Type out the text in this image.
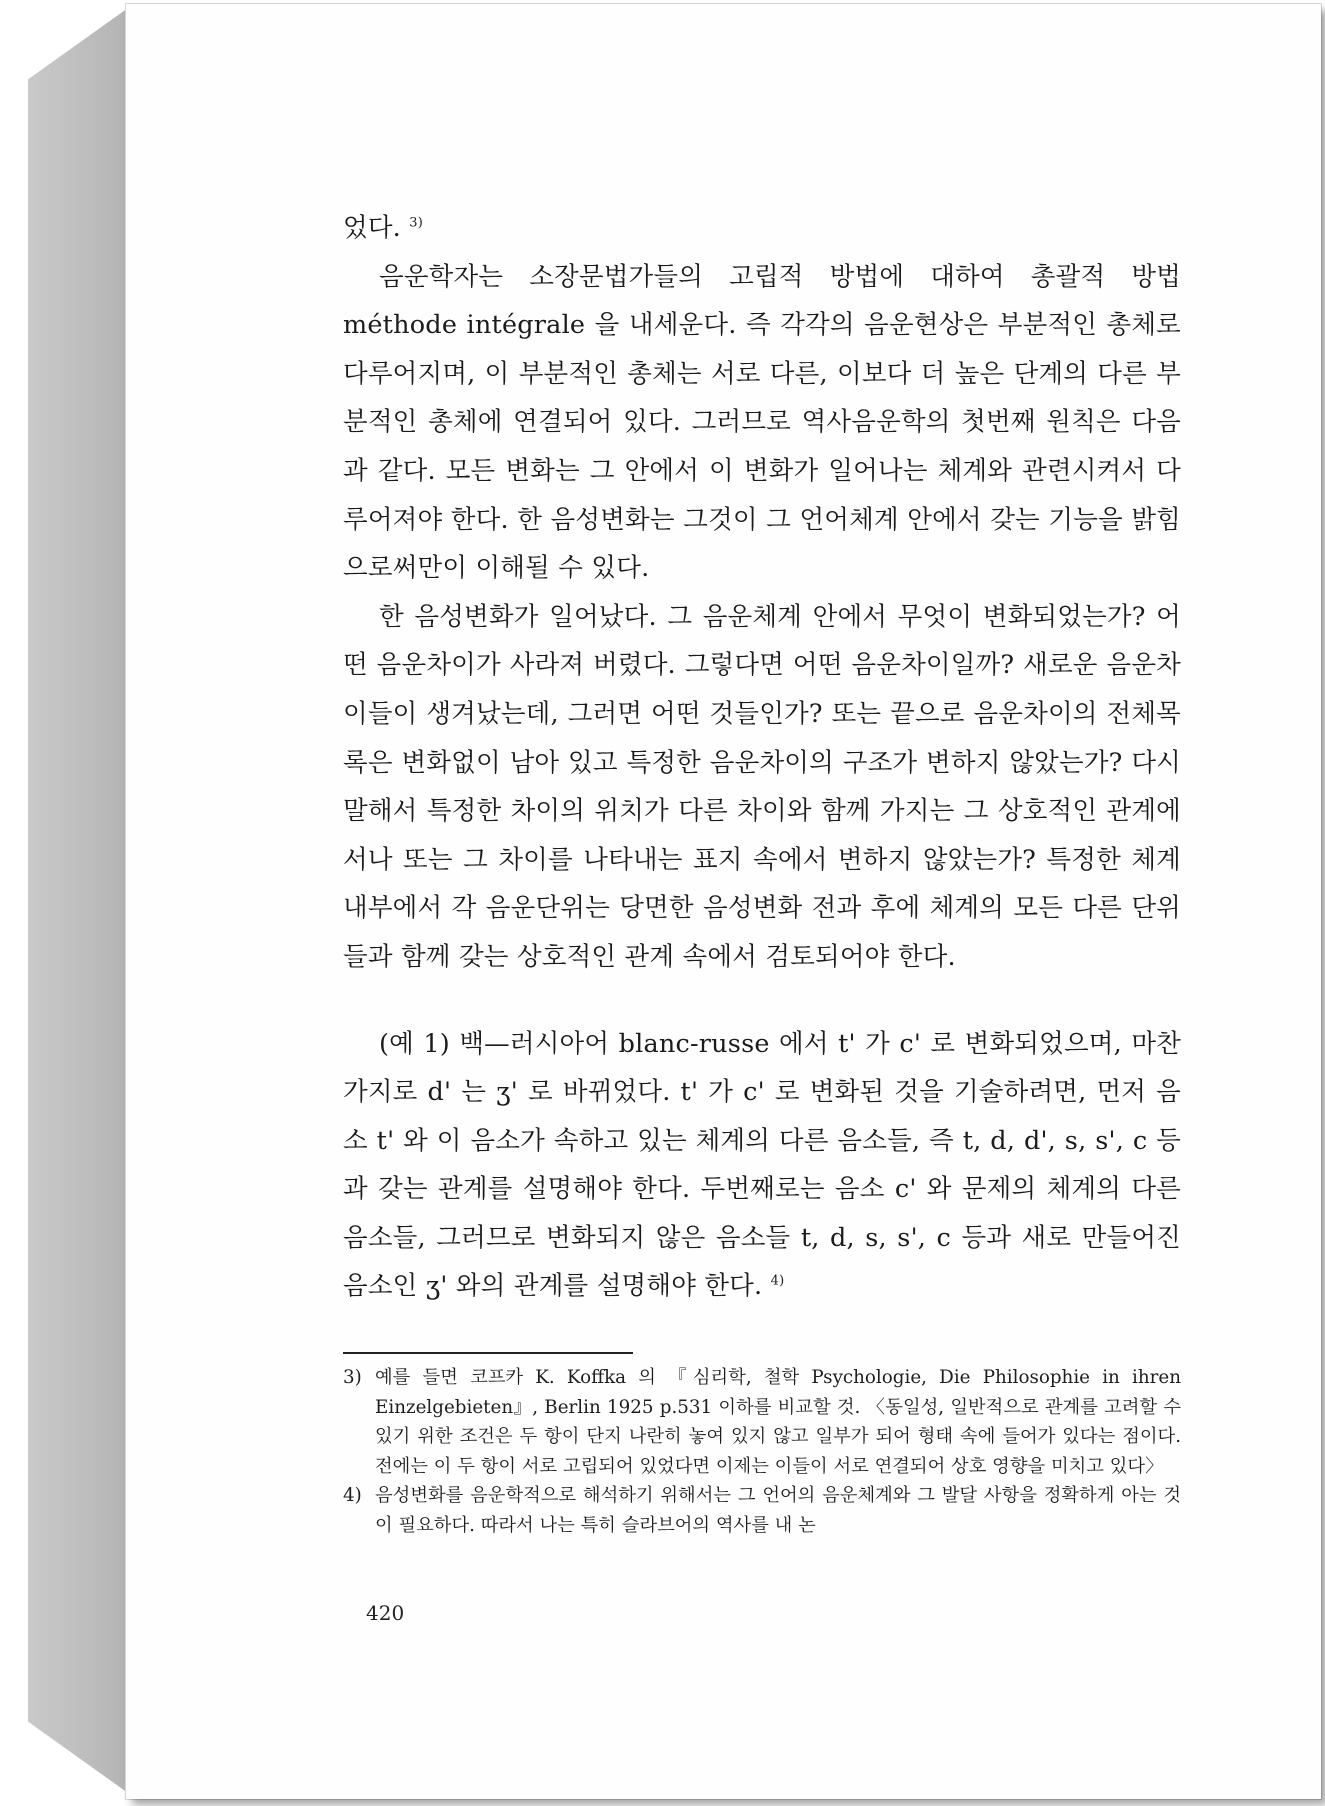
었다. $^{3)}$

음운학자는 소장문법가들의 고립적 방법에 대하여 총괄적 방법 méthode intégrale 을 내세운다. 즉 각각의 음운현상은 부분적인 총체로 다루어지며, 이 부분적인 총체는 서로 다른, 이보다 더 높은 단계의 다른 부분적인 총체에 연결되어 있다. 그러므로 역사음운학의 첫번째 원칙은 다음과 같다. 모든 변화는 그 안에서 이 변화가 일어나는 체계와 관련시켜서 다루어져야 한다. 한 음성변화는 그것이 그 언어체계 안에서 갖는 기능을 밝힘으로써만이 이해될 수 있다.

한 음성변화가 일어났다. 그 음운체계 안에서 무엇이 변화되었는가? 어떤 음운차이가 사라져 버렸다. 그렇다면 어떤 음운차이일까? 새로운 음운차이들이 생겨났는데, 그러면 어떤 것들인가? 또는 끝으로 음운차이의 전체목록은 변화없이 남아 있고 특정한 음운차이의 구조가 변하지 않았는가? 다시 말해서 특정한 차이의 위치가 다른 차이와 함께 가지는 그 상호적인 관계에서나 또는 그 차이를 나타내는 표지 속에서 변하지 않았는가? 특정한 체계 내부에서 각 음운단위는 당면한 음성변화 전과 후에 체계의 모든 다른 단위들과 함께 갖는 상호적인 관계 속에서 검토되어야 한다.

(예 1) 백—러시아어 blanc-russe 에서 t' 가 c' 로 변화되었으며, 마찬가지로 d' 는 ʒ' 로 바뀌었다. t' 가 c' 로 변화된 것을 기술하려면, 먼저 음소 t' 와 이 음소가 속하고 있는 체계의 다른 음소들, 즉 t, d, d', s, s', c 등과 갖는 관계를 설명해야 한다. 두번째로는 음소 c' 와 문제의 체계의 다른 음소들, 그러므로 변화되지 않은 음소들 t, d, s, s', c 등과 새로 만들어진 음소인 ʒ' 와의 관계를 설명해야 한다. $^{4)}$

3) 예를 들면 코프카 K. Koffka 의 『심리학, 철학 Psychologie, Die Philosophie in ihren Einzelgebieten』, Berlin 1925 p.531 이하를 비교할 것. 〈동일성, 일반적으로 관계를 고려할 수 있기 위한 조건은 두 항이 단지 나란히 놓여 있지 않고 일부가 되어 형태 속에 들어가 있다는 점이다. 전에는 이 두 항이 서로 고립되어 있었다면 이제는 이들이 서로 연결되어 상호 영향을 미치고 있다〉

4) 음성변화를 음운학적으로 해석하기 위해서는 그 언어의 음운체계와 그 발달 사항을 정확하게 아는 것이 필요하다. 따라서 나는 특히 슬라브어의 역사를 내 논

420
